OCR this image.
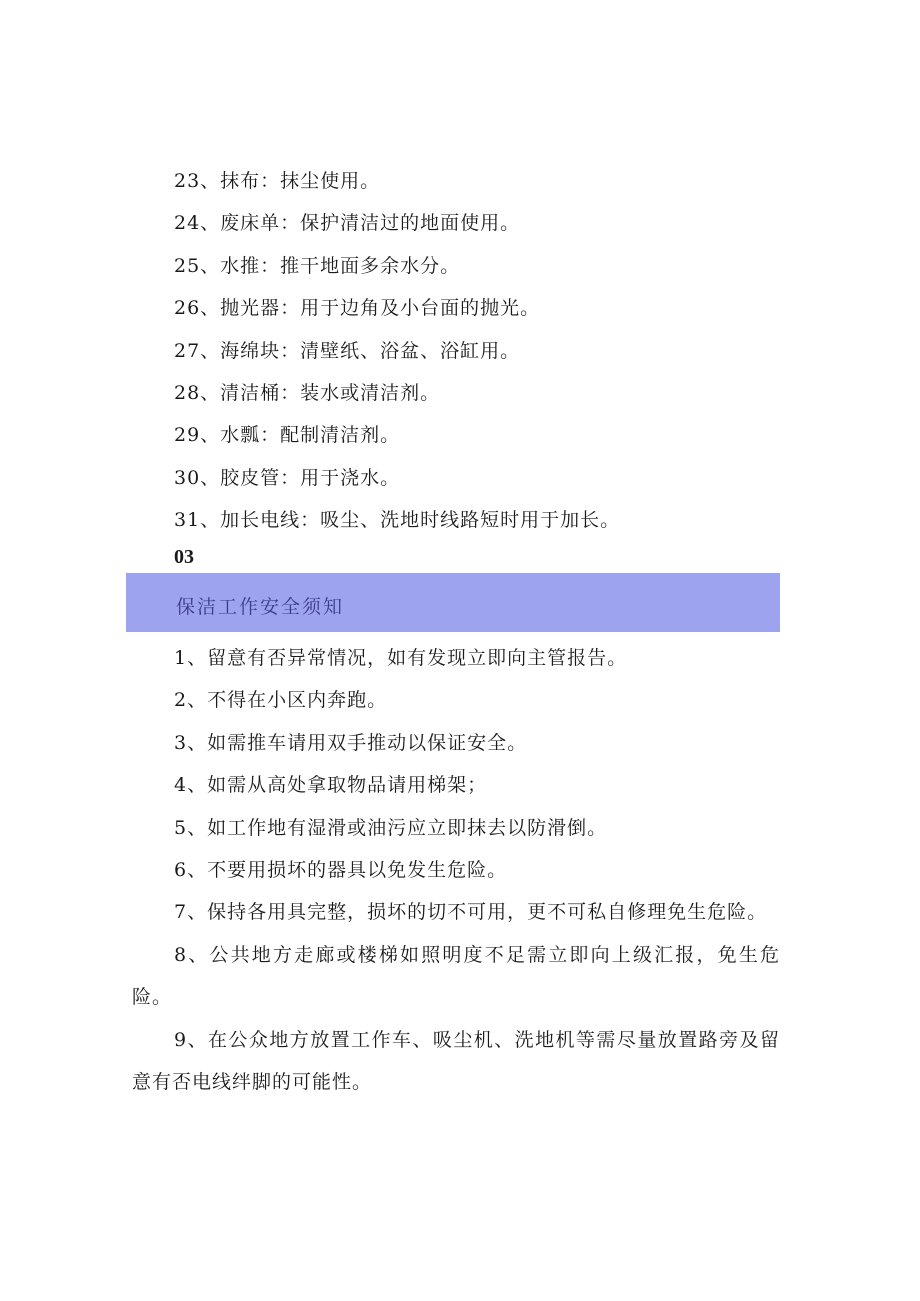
23、抹布：抹尘使用。
24、废床单：保护清洁过的地面使用。
25、水推：推干地面多余水分。
26、抛光器：用于边角及小台面的抛光。
27、海绵块：清壁纸、浴盆、浴缸用。
28、清洁桶：装水或清洁剂。
29、水瓢：配制清洁剂。
30、胶皮管：用于浇水。
31、加长电线：吸尘、洗地时线路短时用于加长。
03
保洁工作安全须知

1、留意有否异常情况，如有发现立即向主管报告。

2、不得在小区内奔跑。

3、如需推车请用双手推动以保证安全。

4、如需从高处拿取物品请用梯架；

5、如工作地有湿滑或油污应立即抹去以防滑倒。

6、不要用损坏的器具以免发生危险。

7、保持各用具完整，损坏的切不可用，更不可私自修理免生危险。

8、公共地方走廊或楼梯如照明度不足需立即向上级汇报，免生危险。

9、在公众地方放置工作车、吸尘机、洗地机等需尽量放置路旁及留意有否电线绊脚的可能性。
